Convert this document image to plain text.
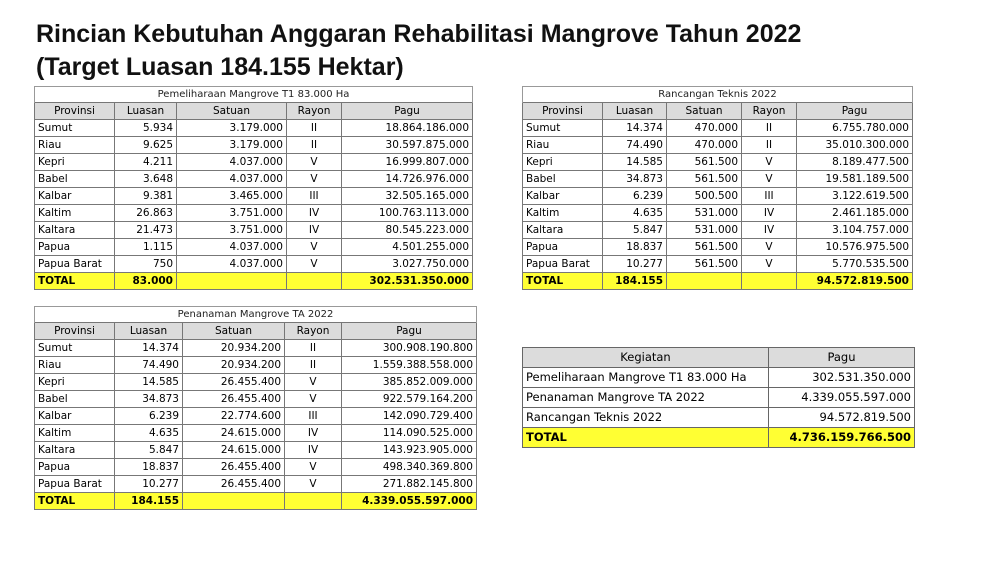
Rincian Kebutuhan Anggaran Rehabilitasi Mangrove Tahun 2022
(Target Luasan 184.155 Hektar)
Pemeliharaan Mangrove T1 83.000 Ha				
Provinsi	Luasan	Satuan	Rayon	Pagu
Sumut	5.934	3.179.000	II	18.864.186.000
Riau	9.625	3.179.000	II	30.597.875.000
Kepri	4.211	4.037.000	V	16.999.807.000
Babel	3.648	4.037.000	V	14.726.976.000
Kalbar	9.381	3.465.000	III	32.505.165.000
Kaltim	26.863	3.751.000	IV	100.763.113.000
Kaltara	21.473	3.751.000	IV	80.545.223.000
Papua	1.115	4.037.000	V	4.501.255.000
Papua Barat	750	4.037.000	V	3.027.750.000
TOTAL	83.000			302.531.350.000
Rancangan Teknis 2022				
Provinsi	Luasan	Satuan	Rayon	Pagu
Sumut	14.374	470.000	II	6.755.780.000
Riau	74.490	470.000	II	35.010.300.000
Kepri	14.585	561.500	V	8.189.477.500
Babel	34.873	561.500	V	19.581.189.500
Kalbar	6.239	500.500	III	3.122.619.500
Kaltim	4.635	531.000	IV	2.461.185.000
Kaltara	5.847	531.000	IV	3.104.757.000
Papua	18.837	561.500	V	10.576.975.500
Papua Barat	10.277	561.500	V	5.770.535.500
TOTAL	184.155			94.572.819.500
Penanaman Mangrove TA 2022				
Provinsi	Luasan	Satuan	Rayon	Pagu
Sumut	14.374	20.934.200	II	300.908.190.800
Riau	74.490	20.934.200	II	1.559.388.558.000
Kepri	14.585	26.455.400	V	385.852.009.000
Babel	34.873	26.455.400	V	922.579.164.200
Kalbar	6.239	22.774.600	III	142.090.729.400
Kaltim	4.635	24.615.000	IV	114.090.525.000
Kaltara	5.847	24.615.000	IV	143.923.905.000
Papua	18.837	26.455.400	V	498.340.369.800
Papua Barat	10.277	26.455.400	V	271.882.145.800
TOTAL	184.155			4.339.055.597.000
Kegiatan	Pagu
Pemeliharaan Mangrove T1 83.000 Ha	302.531.350.000
Penanaman Mangrove TA 2022	4.339.055.597.000
Rancangan Teknis 2022	94.572.819.500
TOTAL	4.736.159.766.500
